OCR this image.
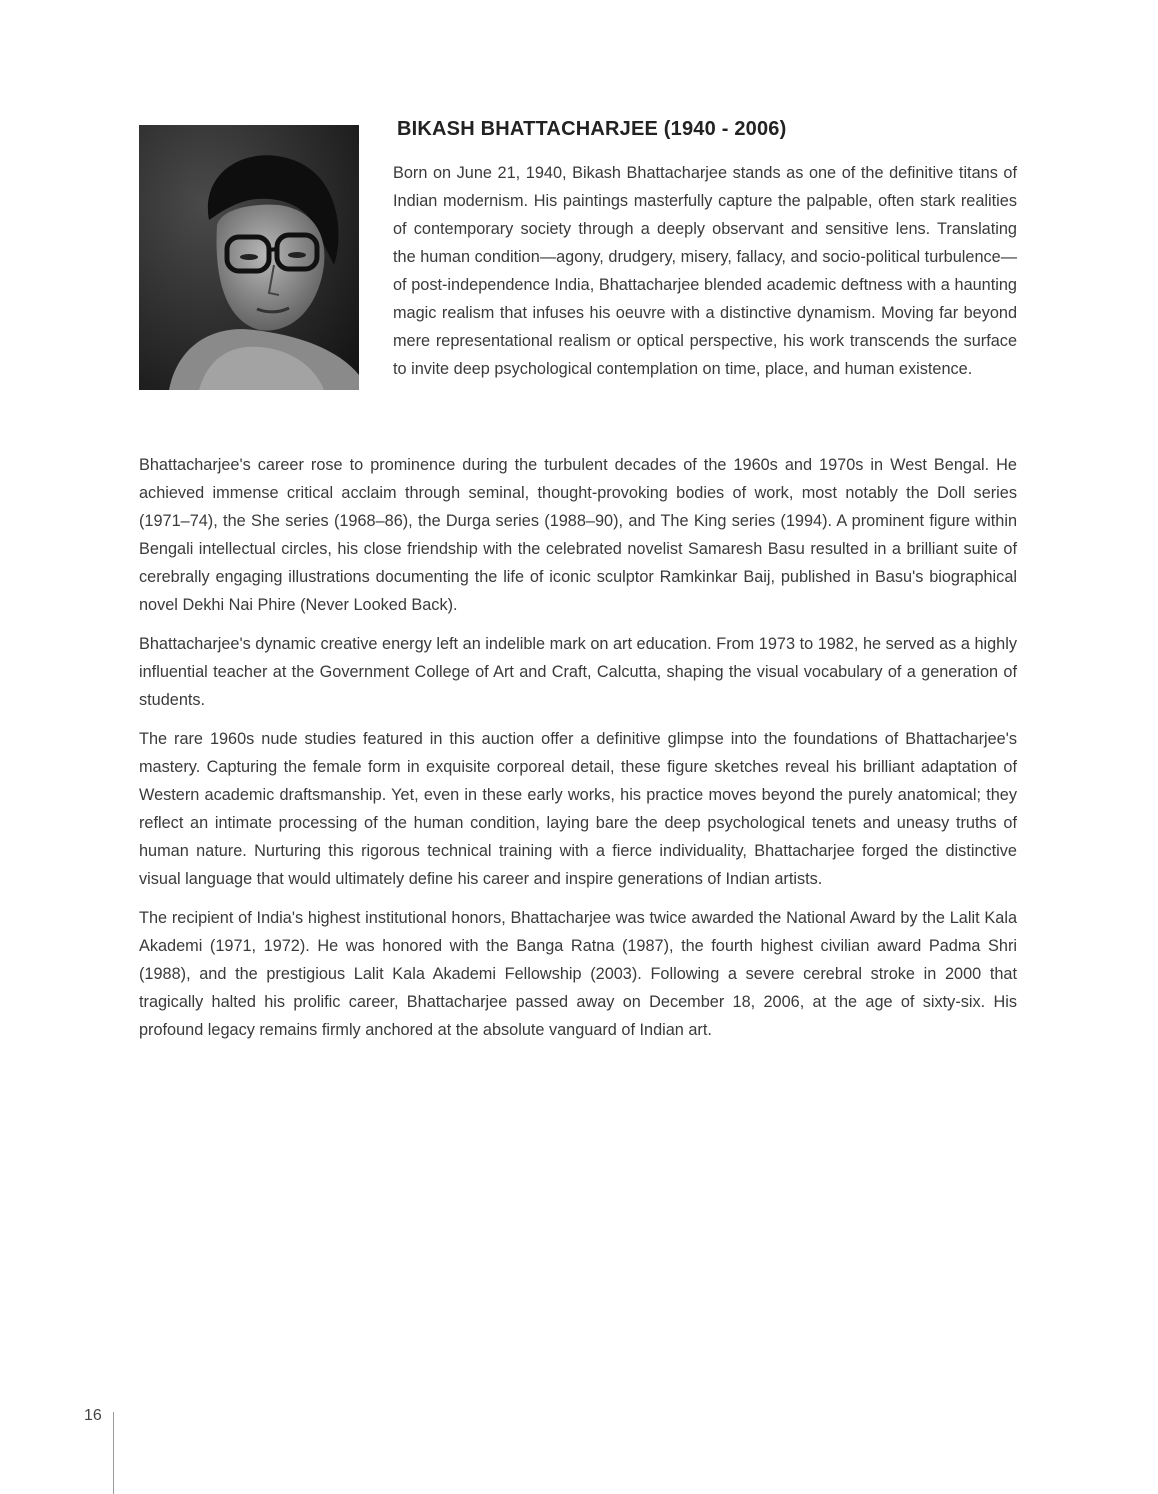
BIKASH BHATTACHARJEE (1940 - 2006)

Born on June 21, 1940, Bikash Bhattacharjee stands as one of the definitive titans of Indian modernism. His paintings masterfully capture the palpable, often stark realities of contemporary society through a deeply observant and sensitive lens. Translating the human condition—agony, drudgery, misery, fallacy, and socio-political turbulence—of post-independence India, Bhattacharjee blended academic deftness with a haunting magic realism that infuses his oeuvre with a distinctive dynamism. Moving far beyond mere representational realism or optical perspective, his work transcends the surface to invite deep psychological contemplation on time, place, and human existence.

Bhattacharjee's career rose to prominence during the turbulent decades of the 1960s and 1970s in West Bengal. He achieved immense critical acclaim through seminal, thought-provoking bodies of work, most notably the Doll series (1971–74), the She series (1968–86), the Durga series (1988–90), and The King series (1994). A prominent figure within Bengali intellectual circles, his close friendship with the celebrated novelist Samaresh Basu resulted in a brilliant suite of cerebrally engaging illustrations documenting the life of iconic sculptor Ramkinkar Baij, published in Basu's biographical novel Dekhi Nai Phire (Never Looked Back).

Bhattacharjee's dynamic creative energy left an indelible mark on art education. From 1973 to 1982, he served as a highly influential teacher at the Government College of Art and Craft, Calcutta, shaping the visual vocabulary of a generation of students.

The rare 1960s nude studies featured in this auction offer a definitive glimpse into the foundations of Bhattacharjee's mastery. Capturing the female form in exquisite corporeal detail, these figure sketches reveal his brilliant adaptation of Western academic draftsmanship. Yet, even in these early works, his practice moves beyond the purely anatomical; they reflect an intimate processing of the human condition, laying bare the deep psychological tenets and uneasy truths of human nature. Nurturing this rigorous technical training with a fierce individuality, Bhattacharjee forged the distinctive visual language that would ultimately define his career and inspire generations of Indian artists.

The recipient of India's highest institutional honors, Bhattacharjee was twice awarded the National Award by the Lalit Kala Akademi (1971, 1972). He was honored with the Banga Ratna (1987), the fourth highest civilian award Padma Shri (1988), and the prestigious Lalit Kala Akademi Fellowship (2003). Following a severe cerebral stroke in 2000 that tragically halted his prolific career, Bhattacharjee passed away on December 18, 2006, at the age of sixty-six. His profound legacy remains firmly anchored at the absolute vanguard of Indian art.

16
